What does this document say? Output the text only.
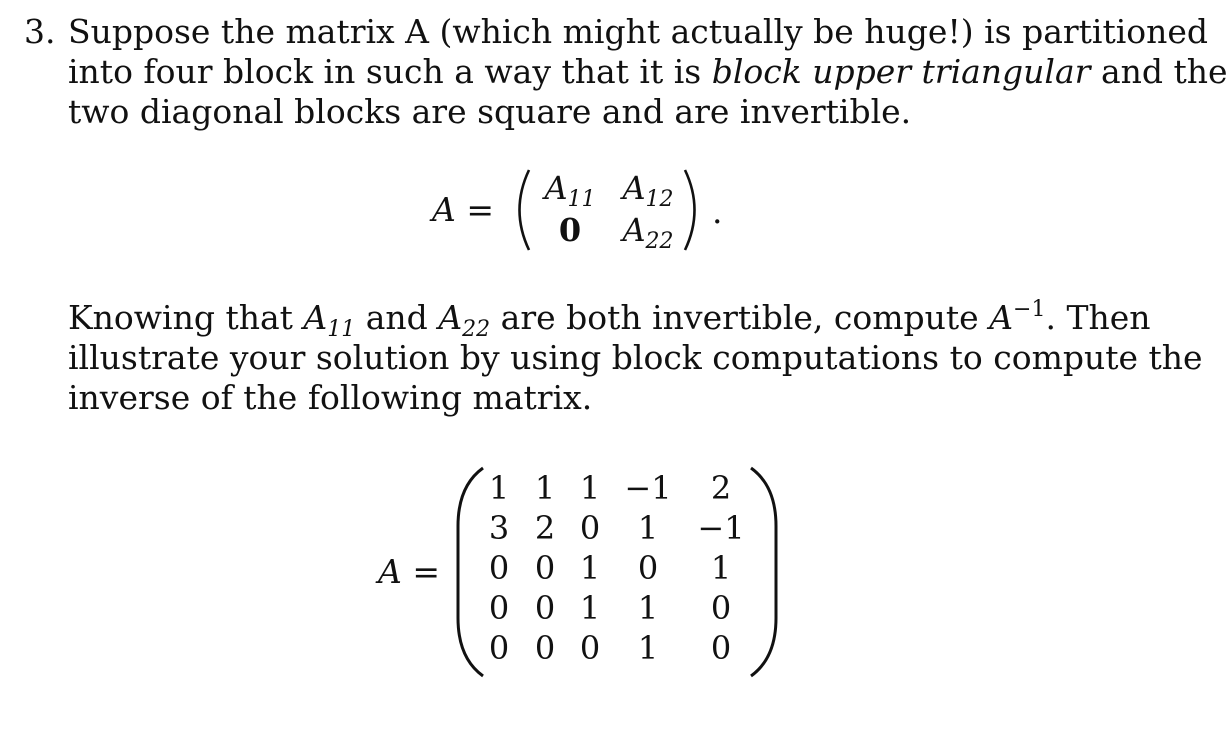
3. Suppose the matrix A (which might actually be huge!) is partitioned
into four block in such a way that it is block upper triangular and the
two diagonal blocks are square and are invertible.
A =
$A_{11}$ $A_{12}$
0	$A_{22}$
.
Knowing that $A_{11}$ and $A_{22}$ are both invertible, compute $A^{-1}$. Then
illustrate your solution by using block computations to compute the
inverse of the following matrix.
A =
1 1 1 −1	2
3 2 0	1	−1
0 0 1	0	1
0 0 1	1	0
0 0 0	1	0
